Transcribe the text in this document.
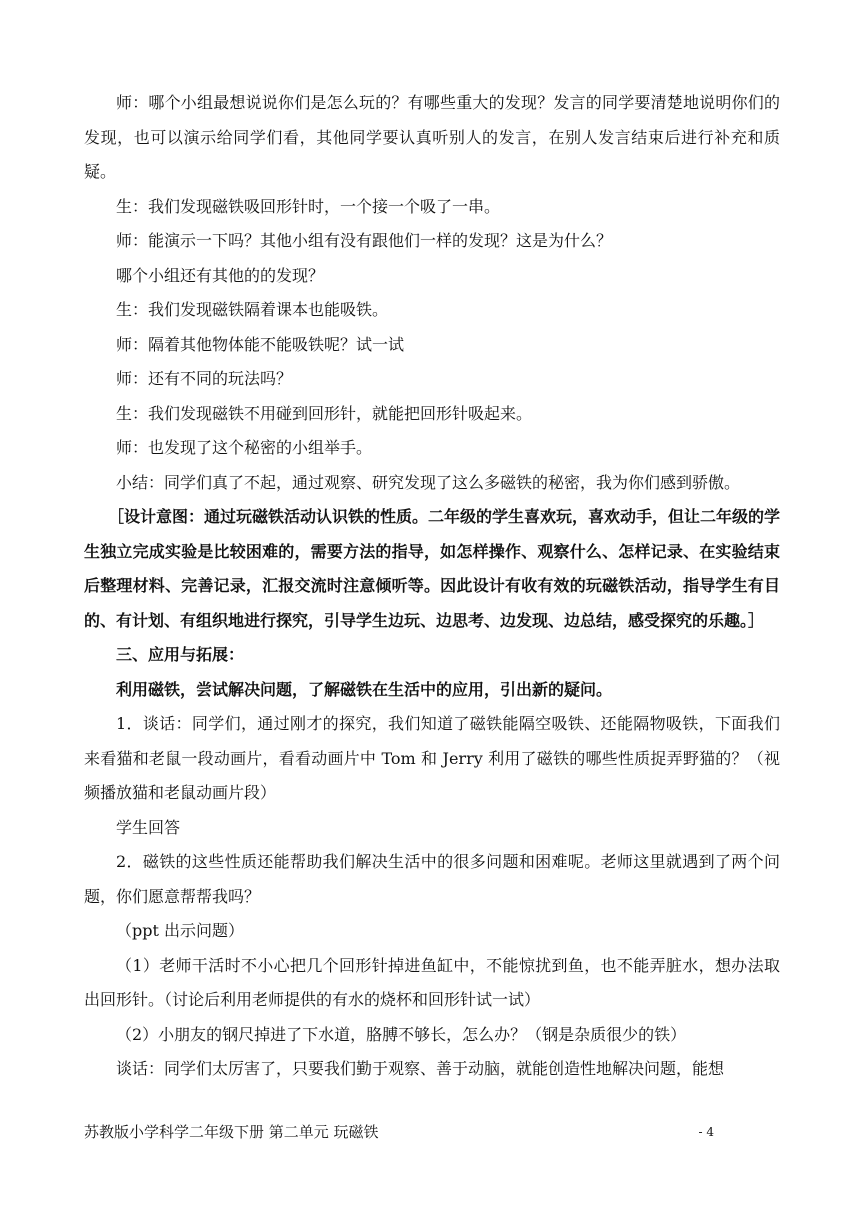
师：哪个小组最想说说你们是怎么玩的？有哪些重大的发现？发言的同学要清楚地说明你们的发现，也可以演示给同学们看，其他同学要认真听别人的发言，在别人发言结束后进行补充和质疑。

生：我们发现磁铁吸回形针时，一个接一个吸了一串。

师：能演示一下吗？其他小组有没有跟他们一样的发现？这是为什么？

哪个小组还有其他的的发现？

生：我们发现磁铁隔着课本也能吸铁。

师：隔着其他物体能不能吸铁呢？试一试

师：还有不同的玩法吗？

生：我们发现磁铁不用碰到回形针，就能把回形针吸起来。

师：也发现了这个秘密的小组举手。

小结：同学们真了不起，通过观察、研究发现了这么多磁铁的秘密，我为你们感到骄傲。

［设计意图：通过玩磁铁活动认识铁的性质。二年级的学生喜欢玩，喜欢动手，但让二年级的学生独立完成实验是比较困难的，需要方法的指导，如怎样操作、观察什么、怎样记录、在实验结束后整理材料、完善记录，汇报交流时注意倾听等。因此设计有收有效的玩磁铁活动，指导学生有目的、有计划、有组织地进行探究，引导学生边玩、边思考、边发现、边总结，感受探究的乐趣。］

三、应用与拓展：

利用磁铁，尝试解决问题，了解磁铁在生活中的应用，引出新的疑问。

1．谈话：同学们，通过刚才的探究，我们知道了磁铁能隔空吸铁、还能隔物吸铁，下面我们来看猫和老鼠一段动画片，看看动画片中 Tom 和 Jerry 利用了磁铁的哪些性质捉弄野猫的？（视频播放猫和老鼠动画片段）

学生回答

2．磁铁的这些性质还能帮助我们解决生活中的很多问题和困难呢。老师这里就遇到了两个问题，你们愿意帮帮我吗？

（ppt 出示问题）

（1）老师干活时不小心把几个回形针掉进鱼缸中，不能惊扰到鱼，也不能弄脏水，想办法取出回形针。（讨论后利用老师提供的有水的烧杯和回形针试一试）

（2）小朋友的钢尺掉进了下水道，胳膊不够长，怎么办？（钢是杂质很少的铁）

谈话：同学们太厉害了，只要我们勤于观察、善于动脑，就能创造性地解决问题，能想

苏教版小学科学二年级下册 第二单元 玩磁铁	- 4
